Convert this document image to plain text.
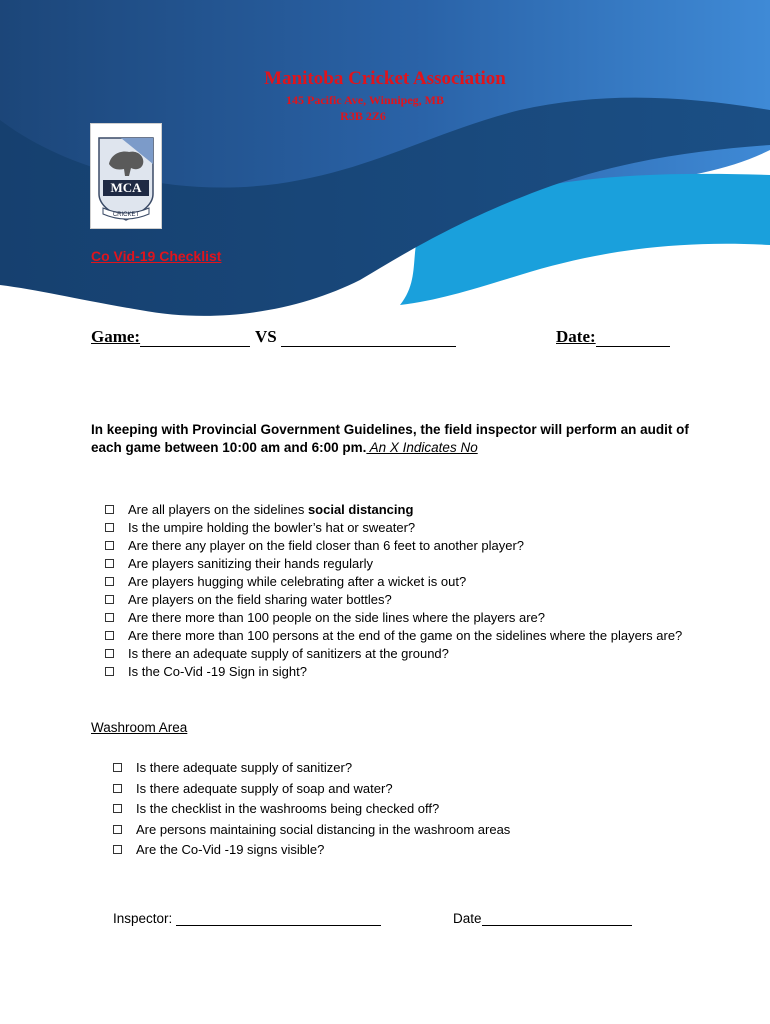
Manitoba Cricket Association
145 Pacific Ave, Winnipeg, MB
R3B 2Z6
MCA
CRICKET
Co Vid-19 Checklist
Game:	VS	Date:
In keeping with Provincial Government Guidelines, the field inspector will perform an audit of each game between 10:00 am and 6:00 pm. An X Indicates No
Are all players on the sidelines social distancing
Is the umpire holding the bowler’s hat or sweater?
Are there any player on the field closer than 6 feet to another player?
Are players sanitizing their hands regularly
Are players hugging while celebrating after a wicket is out?
Are players on the field sharing water bottles?
Are there more than 100 people on the side lines where the players are?
Are there more than 100 persons at the end of the game on the sidelines where the players are?
Is there an adequate supply of sanitizers at the ground?
Is the Co-Vid -19 Sign in sight?
Washroom Area
Is there adequate supply of sanitizer?
Is there adequate supply of soap and water?
Is the checklist in the washrooms being checked off?
Are persons maintaining social distancing in the washroom areas
Are the Co-Vid -19 signs visible?
Inspector:	Date
